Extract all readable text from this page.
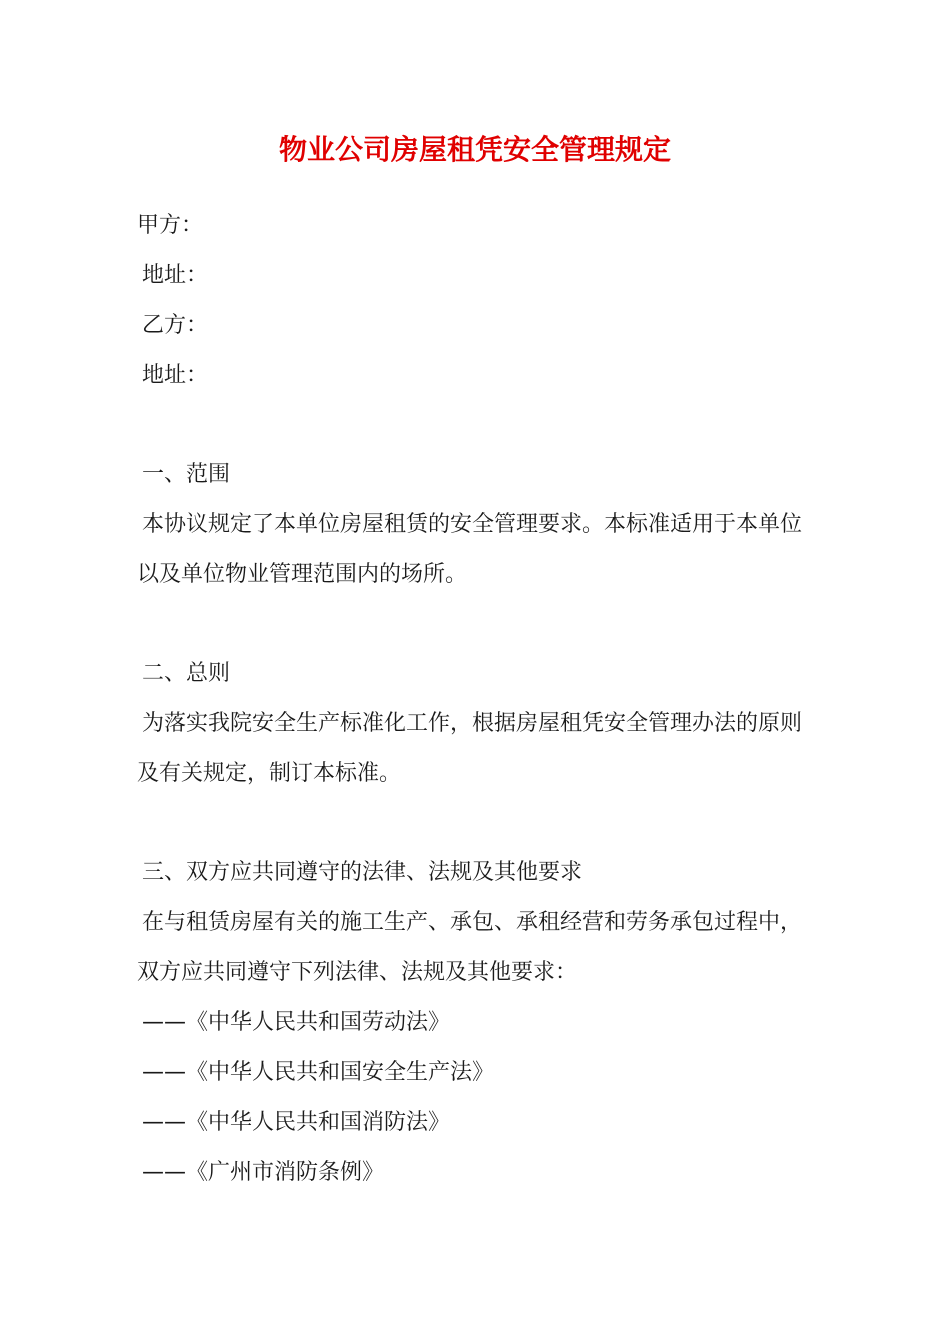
物业公司房屋租凭安全管理规定
甲方：
地址：
乙方：
地址：
一、范围
本协议规定了本单位房屋租赁的安全管理要求。本标准适用于本单位
以及单位物业管理范围内的场所。
二、总则
为落实我院安全生产标准化工作，根据房屋租凭安全管理办法的原则
及有关规定，制订本标准。
三、双方应共同遵守的法律、法规及其他要求
在与租赁房屋有关的施工生产、承包、承租经营和劳务承包过程中，
双方应共同遵守下列法律、法规及其他要求：
——《中华人民共和国劳动法》
——《中华人民共和国安全生产法》
——《中华人民共和国消防法》
——《广州市消防条例》
